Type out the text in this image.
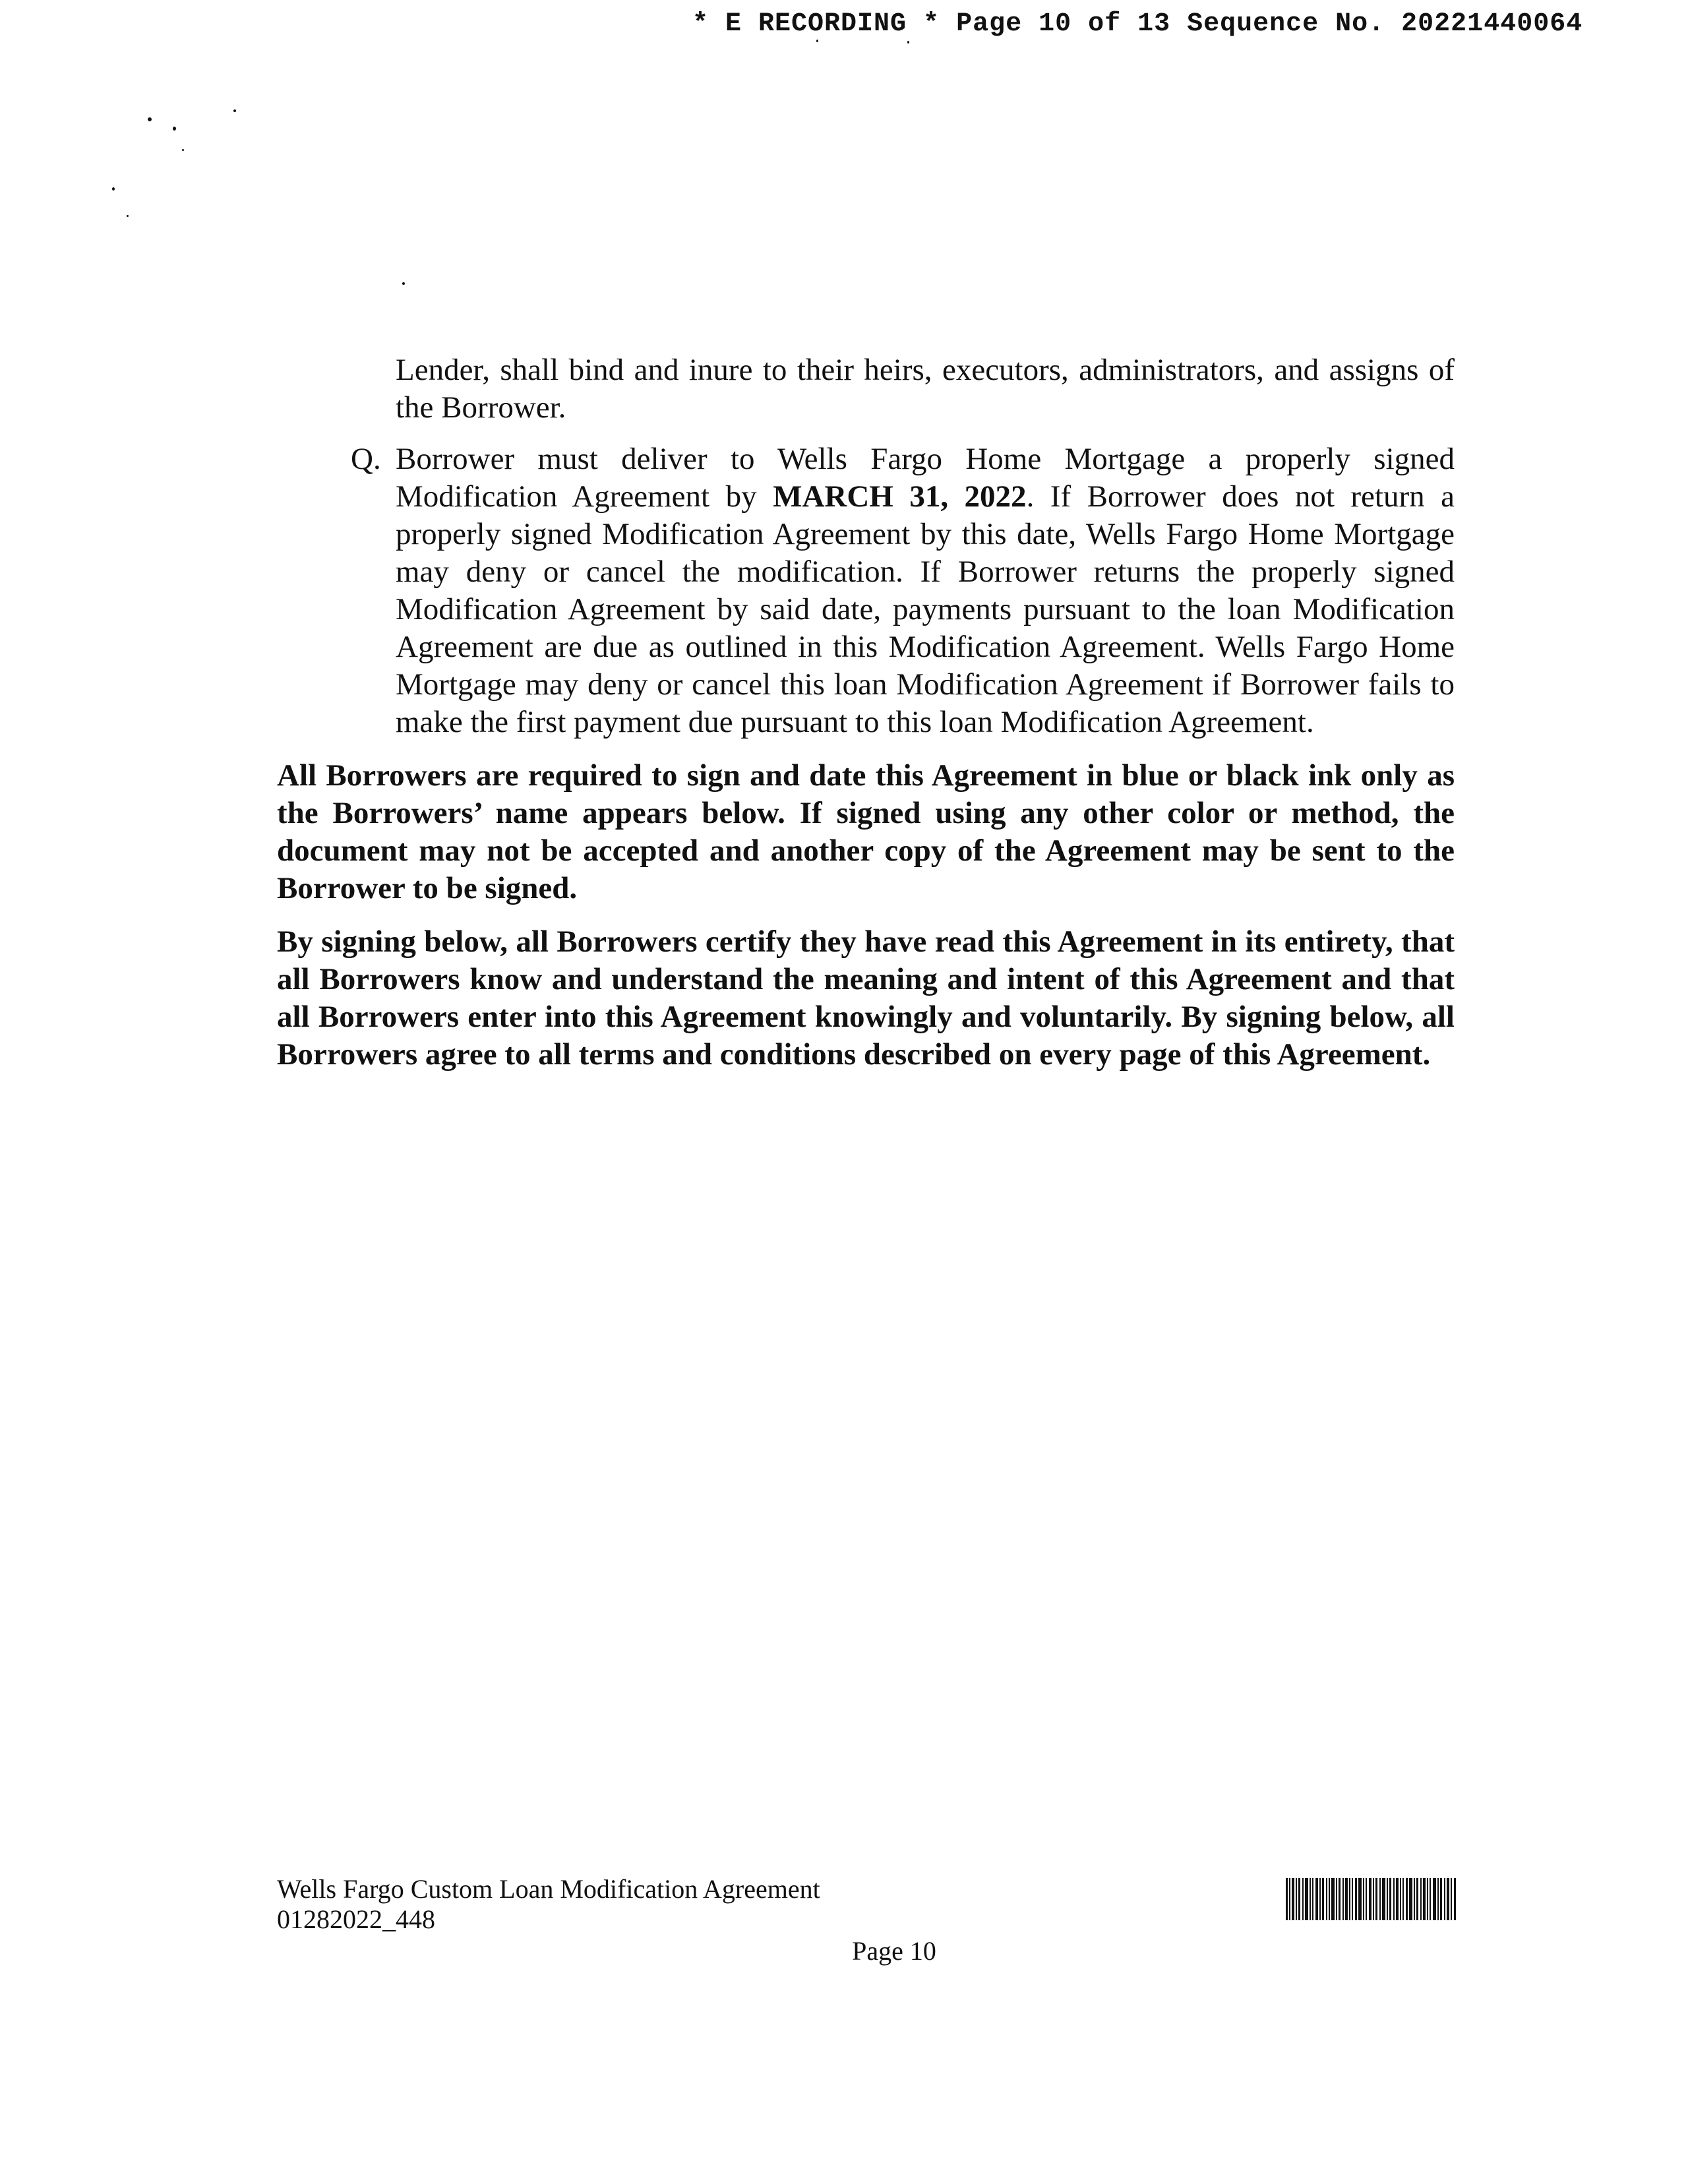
* E RECORDING * Page 10 of 13 Sequence No. 20221440064

Lender, shall bind and inure to their heirs, executors, administrators, and assigns of the Borrower.

Q. Borrower must deliver to Wells Fargo Home Mortgage a properly signed Modification Agreement by MARCH 31, 2022. If Borrower does not return a properly signed Modification Agreement by this date, Wells Fargo Home Mortgage may deny or cancel the modification. If Borrower returns the properly signed Modification Agreement by said date, payments pursuant to the loan Modification Agreement are due as outlined in this Modification Agreement. Wells Fargo Home Mortgage may deny or cancel this loan Modification Agreement if Borrower fails to make the first payment due pursuant to this loan Modification Agreement.

All Borrowers are required to sign and date this Agreement in blue or black ink only as the Borrowers’ name appears below. If signed using any other color or method, the document may not be accepted and another copy of the Agreement may be sent to the Borrower to be signed.

By signing below, all Borrowers certify they have read this Agreement in its entirety, that all Borrowers know and understand the meaning and intent of this Agreement and that all Borrowers enter into this Agreement knowingly and voluntarily. By signing below, all Borrowers agree to all terms and conditions described on every page of this Agreement.

Wells Fargo Custom Loan Modification Agreement

01282022_448

Page 10
